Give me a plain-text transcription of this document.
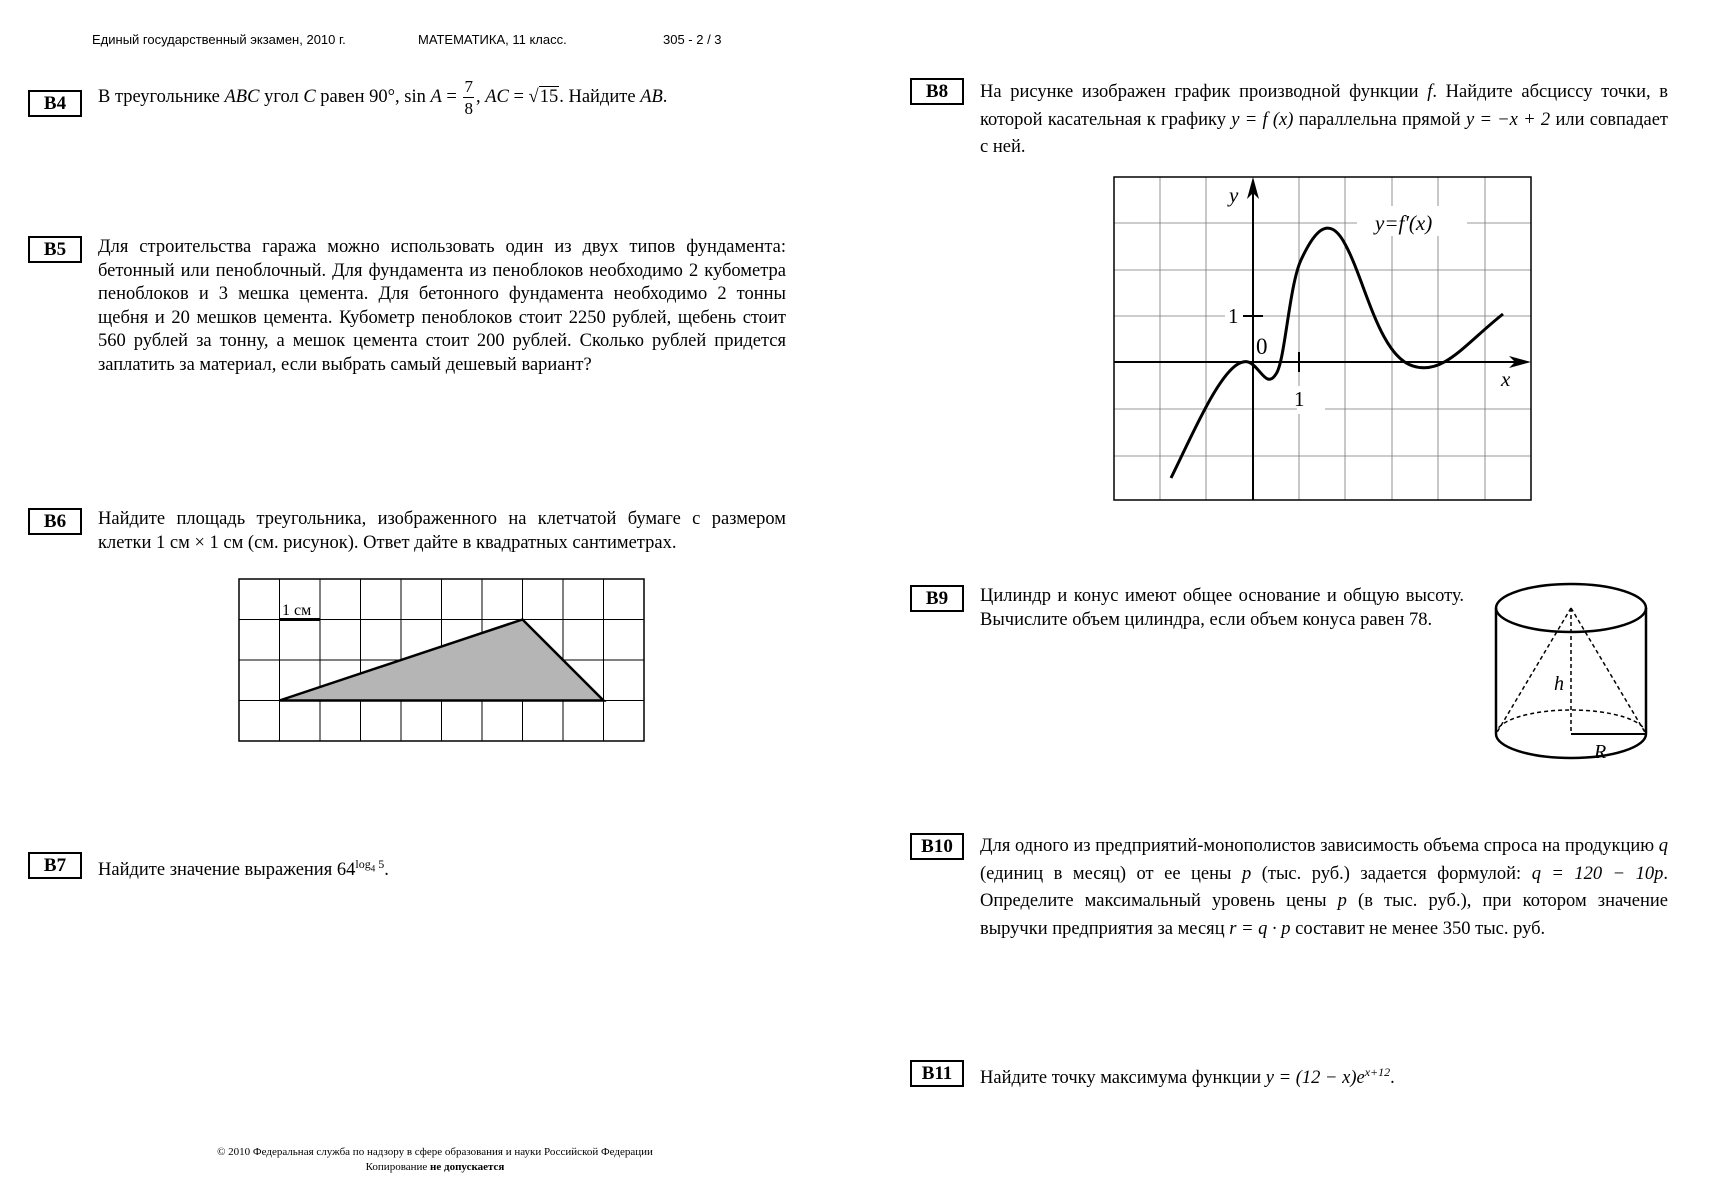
Единый государственный экзамен, 2010 г.	МАТЕМАТИКА, 11 класс.	305 - 2 / 3
B4	В треугольнике ABC угол C равен 90°, $\sin A = \frac{7}{8}$ , AC = √15. Найдите AB.
B5	Для строительства гаража можно использовать один из двух типов фундамента: бетонный или пеноблочный. Для фундамента из пеноблоков необходимо 2 кубометра пеноблоков и 3 мешка цемента. Для бетонного фундамента необходимо 2 тонны щебня и 20 мешков цемента. Кубометр пеноблоков стоит 2250 рублей, щебень стоит 560 рублей за тонну, а мешок цемента стоит 200 рублей. Сколько рублей придется заплатить за материал, если выбрать самый дешевый вариант?

B6	Найдите площадь треугольника, изображенного на клетчатой бумаге с размером клетки 1 см × 1 см (см. рисунок). Ответ дайте в квадратных сантиметрах.

1 см
B7	Найдите значение выражения $64^{log_4 5}$.
B8	На рисунке изображен график производной функции f. Найдите абсциссу точки, в которой касательная к графику y = f (x) параллельна прямой y = −x + 2 или совпадает с ней.

y
x
y=f′(x)
0
1
1
B9	Цилиндр и конус имеют общее основание и общую высоту. Вычислите объем цилиндра, если объем конуса равен 78.

h
R
B10	Для одного из предприятий-монополистов зависимость объема спроса на продукцию q (единиц в месяц) от ее цены p (тыс. руб.) задается формулой: q = 120 − 10p. Определите максимальный уровень цены p (в тыс. руб.), при котором значение выручки предприятия за месяц r = q · p составит не менее 350 тыс. руб.

B11	Найдите точку максимума функции $y = (12 - x)e^{x+12}$.
© 2010 Федеральная служба по надзору в сфере образования и науки Российской Федерации
Копирование не допускается
